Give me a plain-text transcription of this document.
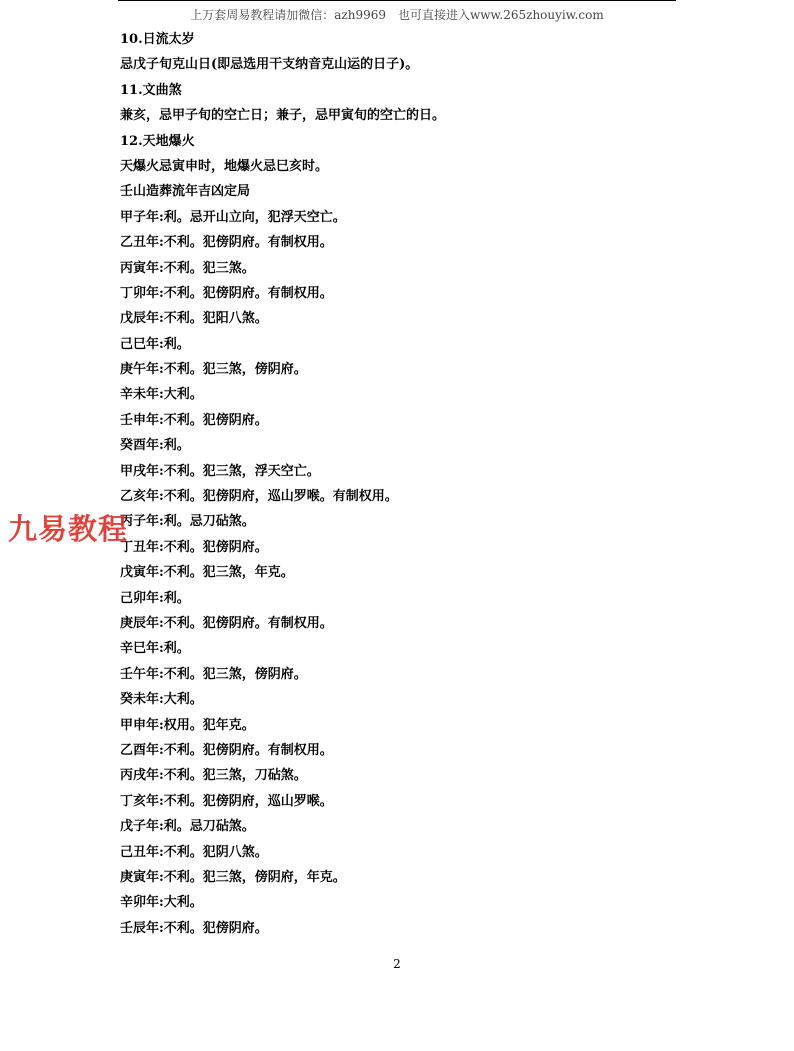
上万套周易教程请加微信：azh9969　也可直接进入www.265zhouyiw.com
10.日流太岁
忌戊子旬克山日(即忌选用干支纳音克山运的日子)。
11.文曲煞
兼亥，忌甲子旬的空亡日；兼子，忌甲寅旬的空亡的日。
12.天地爆火
天爆火忌寅申时，地爆火忌巳亥时。
壬山造葬流年吉凶定局
甲子年:利。忌开山立向，犯浮天空亡。
乙丑年:不利。犯傍阴府。有制权用。
丙寅年:不利。犯三煞。
丁卯年:不利。犯傍阴府。有制权用。
戊辰年:不利。犯阳八煞。
己巳年:利。
庚午年:不利。犯三煞，傍阴府。
辛未年:大利。
壬申年:不利。犯傍阴府。
癸酉年:利。
甲戌年:不利。犯三煞，浮天空亡。
乙亥年:不利。犯傍阴府，巡山罗喉。有制权用。
丙子年:利。忌刀砧煞。
丁丑年:不利。犯傍阴府。
戊寅年:不利。犯三煞，年克。
己卯年:利。
庚辰年:不利。犯傍阴府。有制权用。
辛巳年:利。
壬午年:不利。犯三煞，傍阴府。
癸未年:大利。
甲申年:权用。犯年克。
乙酉年:不利。犯傍阴府。有制权用。
丙戌年:不利。犯三煞，刀砧煞。
丁亥年:不利。犯傍阴府，巡山罗喉。
戊子年:利。忌刀砧煞。
己丑年:不利。犯阴八煞。
庚寅年:不利。犯三煞，傍阴府，年克。
辛卯年:大利。
壬辰年:不利。犯傍阴府。
九易教程
2
